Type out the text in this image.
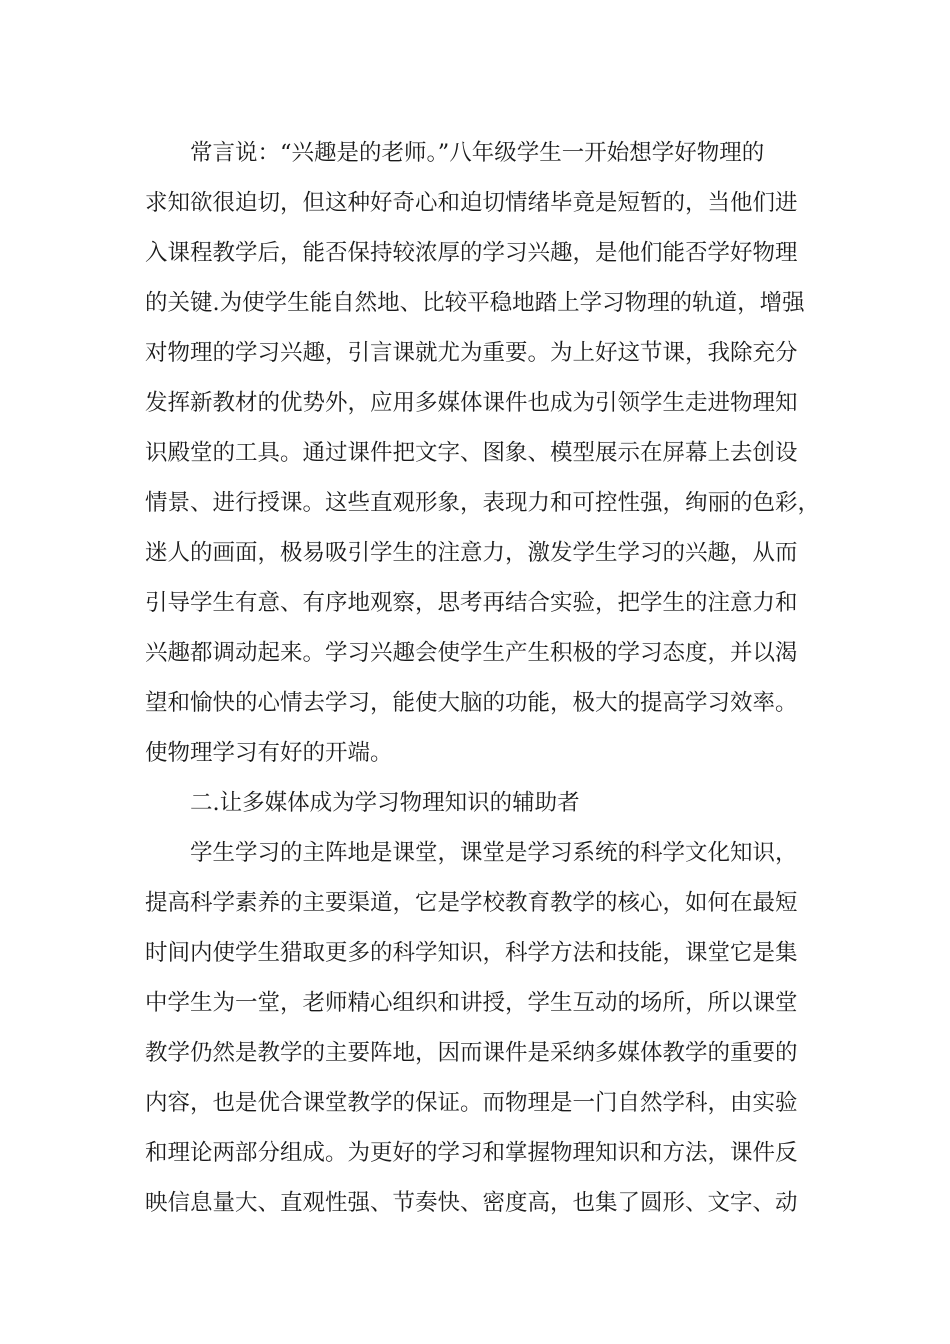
常言说：“兴趣是的老师。”八年级学生一开始想学好物理的
求知欲很迫切，但这种好奇心和迫切情绪毕竟是短暂的，当他们进
入课程教学后，能否保持较浓厚的学习兴趣，是他们能否学好物理
的关键.为使学生能自然地、比较平稳地踏上学习物理的轨道，增强
对物理的学习兴趣，引言课就尤为重要。为上好这节课，我除充分
发挥新教材的优势外，应用多媒体课件也成为引领学生走进物理知
识殿堂的工具。通过课件把文字、图象、模型展示在屏幕上去创设
情景、进行授课。这些直观形象，表现力和可控性强，绚丽的色彩，
迷人的画面，极易吸引学生的注意力，激发学生学习的兴趣，从而
引导学生有意、有序地观察，思考再结合实验，把学生的注意力和
兴趣都调动起来。学习兴趣会使学生产生积极的学习态度，并以渴
望和愉快的心情去学习，能使大脑的功能，极大的提高学习效率。
使物理学习有好的开端。
二.让多媒体成为学习物理知识的辅助者
学生学习的主阵地是课堂，课堂是学习系统的科学文化知识，
提高科学素养的主要渠道，它是学校教育教学的核心，如何在最短
时间内使学生猎取更多的科学知识，科学方法和技能，课堂它是集
中学生为一堂，老师精心组织和讲授，学生互动的场所，所以课堂
教学仍然是教学的主要阵地，因而课件是采纳多媒体教学的重要的
内容，也是优合课堂教学的保证。而物理是一门自然学科，由实验
和理论两部分组成。为更好的学习和掌握物理知识和方法，课件反
映信息量大、直观性强、节奏快、密度高，也集了圆形、文字、动
